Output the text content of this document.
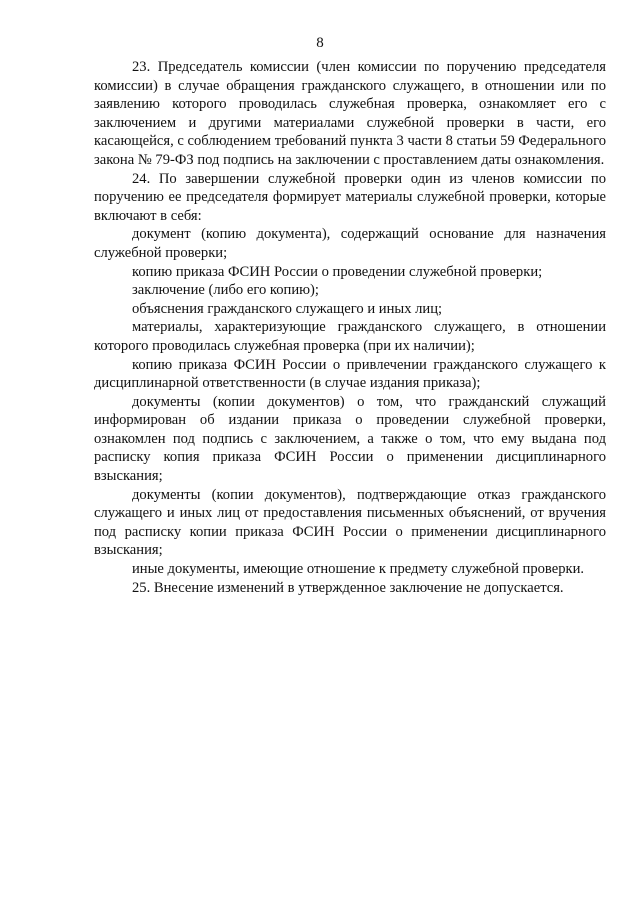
8

23. Председатель комиссии (член комиссии по поручению председателя комиссии) в случае обращения гражданского служащего, в отношении или по заявлению которого проводилась служебная проверка, ознакомляет его с заключением и другими материалами служебной проверки в части, его касающейся, с соблюдением требований пункта 3 части 8 статьи 59 Федерального закона № 79-ФЗ под подпись на заключении с проставлением даты ознакомления.

24. По завершении служебной проверки один из членов комиссии по поручению ее председателя формирует материалы служебной проверки, которые включают в себя:

документ (копию документа), содержащий основание для назначения служебной проверки;

копию приказа ФСИН России о проведении служебной проверки;

заключение (либо его копию);

объяснения гражданского служащего и иных лиц;

материалы, характеризующие гражданского служащего, в отношении которого проводилась служебная проверка (при их наличии);

копию приказа ФСИН России о привлечении гражданского служащего к дисциплинарной ответственности (в случае издания приказа);

документы (копии документов) о том, что гражданский служащий информирован об издании приказа о проведении служебной проверки, ознакомлен под подпись с заключением, а также о том, что ему выдана под расписку копия приказа ФСИН России о применении дисциплинарного взыскания;

документы (копии документов), подтверждающие отказ гражданского служащего и иных лиц от предоставления письменных объяснений, от вручения под расписку копии приказа ФСИН России о применении дисциплинарного взыскания;

иные документы, имеющие отношение к предмету служебной проверки.

25. Внесение изменений в утвержденное заключение не допускается.
